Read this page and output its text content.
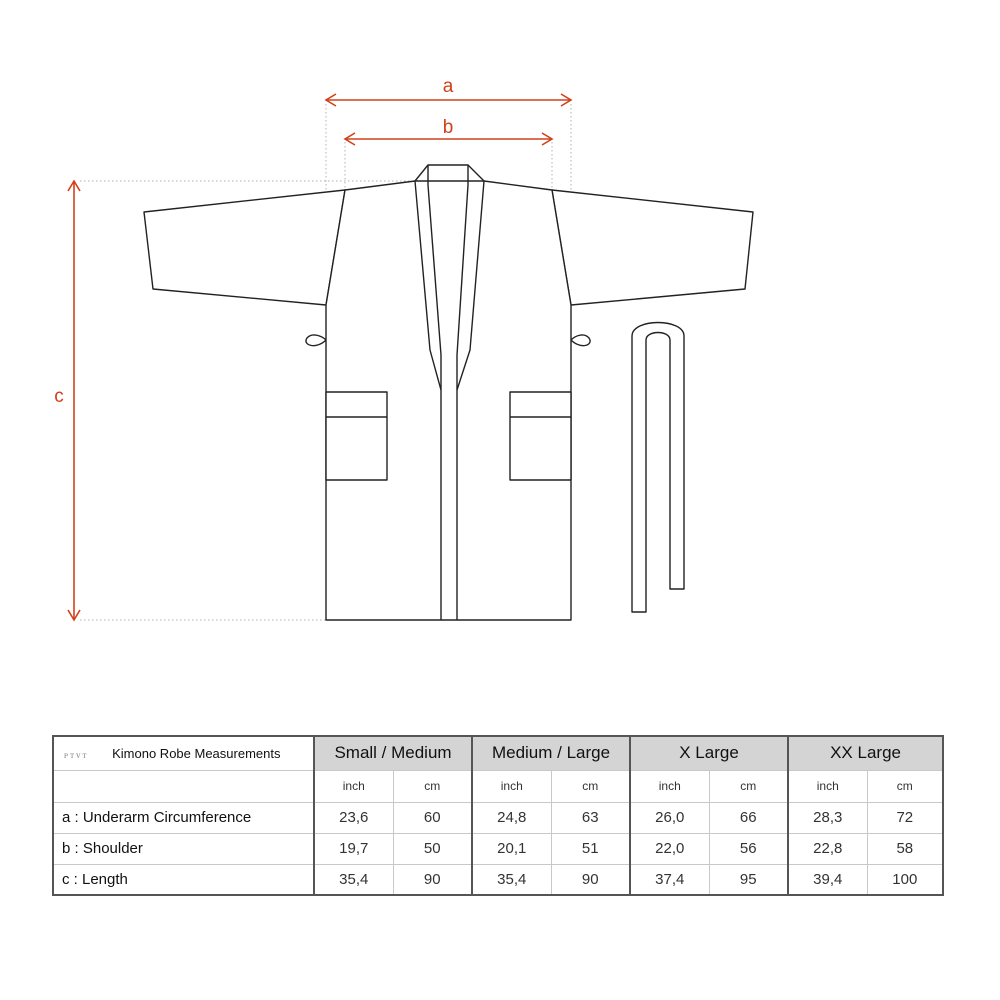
a
b
c
ᴘᴛᴠᴛ Kimono Robe Measurements	Small / Medium		Medium / Large		X Large		XX Large	
	inch	cm	inch	cm	inch	cm	inch	cm
a : Underarm Circumference	23,6	60	24,8	63	26,0	66	28,3	72
b : Shoulder	19,7	50	20,1	51	22,0	56	22,8	58
c : Length	35,4	90	35,4	90	37,4	95	39,4	100
